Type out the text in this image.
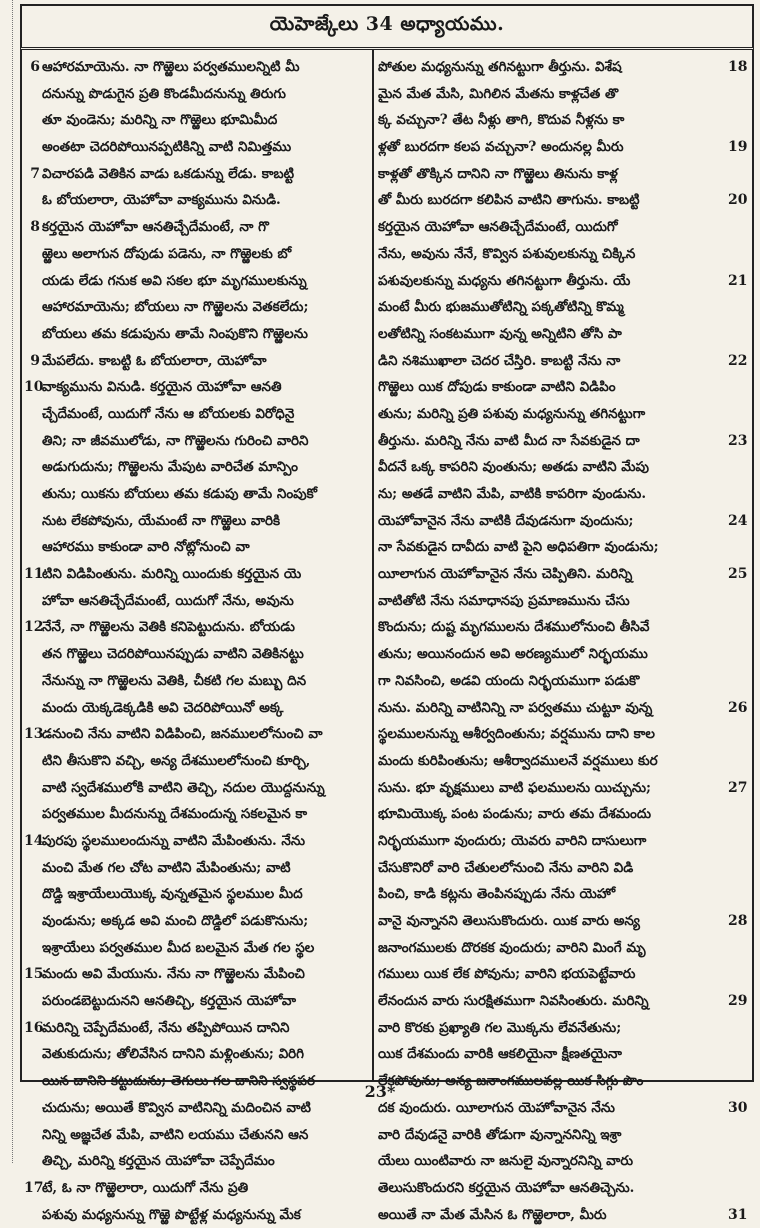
యెహెజ్కేలు 34 అధ్యాయము.
ఆహారమాయెను. నా గొఱ్ఱెలు పర్వతములన్నిటి మీ
6
దనున్ను పొడుగైన ప్రతి కొండమీదనున్ను తిరుగు
తూ వుండెను; మరిన్ని నా గొఱ్ఱెలు భూమిమీద
అంతటా చెదరిపోయినప్పటికిన్ని వాటి నిమిత్తము
విచారపడి వెతికిన వాడు ఒకడున్ను లేడు. కాబట్టి
7
ఓ బోయలారా, యెహోవా వాక్యమును వినుడి.
కర్తయైన యెహోవా ఆనతిచ్చేదేమంటే, నా గొ
8
ఱ్ఱెలు అలాగున దోపుడు పడెను, నా గొఱ్ఱెలకు బో
యడు లేడు గనుక అవి సకల భూ మృగములకున్ను
ఆహారమాయెను; బోయలు నా గొఱ్ఱెలను వెతకలేదు;
బోయలు తమ కడుపును తామే నింపుకొని గొఱ్ఱెలను
మేపలేదు. కాబట్టి ఓ బోయలారా, యెహోవా
9
వాక్యమును వినుడి. కర్తయైన యెహోవా ఆనతి
10
చ్చేదేమంటే, యిదుగో నేను ఆ బోయలకు విరోధినై
తిని; నా జీవములోడు, నా గొఱ్ఱెలను గురించి వారిని
అడుగుదును; గొఱ్ఱెలను మేపుట వారిచేత మాన్పిం
తును; యికను బోయలు తమ కడుపు తామే నింపుకో
నుట లేకపోవును, యేమంటే నా గొఱ్ఱెలు వారికి
ఆహారము కాకుండా వారి నోట్లోనుంచి వా
టిని విడిపింతును. మరిన్ని యిందుకు కర్తయైన యె
11
హోవా ఆనతిచ్చేదేమంటే, యిదుగో నేను, అవును
నేనే, నా గొఱ్ఱెలను వెతికి కనిపెట్టుదును. బోయడు
12
తన గొఱ్ఱెలు చెదరిపోయినప్పుడు వాటిని వెతికినట్టు
నేనున్ను నా గొఱ్ఱెలను వెతికి, చీకటి గల మబ్బు దిన
మందు యెక్కడెక్కడికి అవి చెదరిపోయినో అక్క
డనుంచి నేను వాటిని విడిపించి, జనములలోనుంచి వా
13
టిని తీసుకొని వచ్చి, అన్య దేశములలోనుంచి కూర్చి,
వాటి స్వదేశములోకి వాటిని తెచ్చి, నదుల యొద్దనున్ను
పర్వతముల మీదనున్ను దేశమందున్న సకలమైన కా
పురపు స్థలములందున్ను వాటిని మేపింతును. నేను
14
మంచి మేత గల చోట వాటిని మేపింతును; వాటి
దొడ్డి ఇశ్రాయేలుయొక్క వున్నతమైన స్థలముల మీద
వుండును; అక్కడ అవి మంచి దొడ్డిలో పడుకొనును;
ఇశ్రాయేలు పర్వతముల మీద బలమైన మేత గల స్థల
మందు అవి మేయును. నేను నా గొఱ్ఱెలను మేపించి
15
పరుండబెట్టుదునని ఆనతిచ్చి, కర్తయైన యెహోవా
మరిన్ని చెప్పేదేమంటే, నేను తప్పిపోయిన దానిని
16
వెతుకుదును; తోలివేసిన దానిని మళ్లింతును; విరిగి
యిన దానిని కట్టుదును; తెగులు గల దానిని స్వస్థపర
చుదును; అయితే కొవ్విన వాటినిన్ని మదించిన వాటి
నిన్ని అజ్ఞచేత మేపి, వాటిని లయము చేతునని ఆన
తిచ్చి, మరిన్ని కర్తయైన యెహోవా చెప్పేదేమం
టే, ఓ నా గొఱ్ఱెలారా, యిదుగో నేను ప్రతి
17
పశువు మధ్యనున్ను గొఱ్ఱె పొట్టేళ్ల మధ్యనున్ను మేక
పోతుల మధ్యనున్ను తగినట్టుగా తీర్తును. విశేష	18
మైన మేత మేసి, మిగిలిన మేతను కాళ్లచేత తొ
క్క వచ్చునా? తేట నీళ్లు తాగి, కొదువ నీళ్లను కా
ళ్లతో బురదగా కలప వచ్చునా? అందునల్ల మీరు	19
కాళ్లతో తొక్కిన దానిని నా గొఱ్ఱెలు తినును కాళ్ల
తో మీరు బురదగా కలిపిన వాటిని తాగును. కాబట్టి	20
కర్తయైన యెహోవా ఆనతిచ్చేదేమంటే, యిదుగో
నేను, అవును నేనే, కొవ్విన పశువులకున్ను చిక్కిన
పశువులకున్ను మధ్యను తగినట్టుగా తీర్తును. యే	21
మంటే మీరు భుజముతోటిన్ని పక్కతోటిన్ని కొమ్మ
లతోటిన్ని సంకటముగా వున్న అన్నిటిని తోసి పా
డిని నశిముఖాలా చెదర చేస్తిరి. కాబట్టి నేను నా	22
గొఱ్ఱెలు యిక దోపుడు కాకుండా వాటిని విడిపిం
తును; మరిన్ని ప్రతి పశువు మధ్యనున్ను తగినట్టుగా
తీర్తును. మరిన్ని నేను వాటి మీద నా సేవకుడైన దా	23
వీదనే ఒక్క కాపరిని వుంతును; అతడు వాటిని మేపు
ను; అతడే వాటిని మేపి, వాటికి కాపరిగా వుండును.
యెహోవానైన నేను వాటికి దేవుడనుగా వుందును;	24
నా సేవకుడైన దావీదు వాటి పైని అధిపతిగా వుండును;
యీలాగున యెహోవానైన నేను చెప్పితిని. మరిన్ని	25
వాటితోటి నేను సమాధానపు ప్రమాణమును చేసు
కొందును; దుష్ట మృగములను దేశములోనుంచి తీసివే
తును; అయినందున అవి అరణ్యములో నిర్భయము
గా నివసించి, అడవి యందు నిర్భయముగా పడుకొ
నును. మరిన్ని వాటినిన్ని నా పర్వతము చుట్టూ వున్న	26
స్థలములనున్ను ఆశీర్వదింతును; వర్షమును దాని కాల
మందు కురిపింతును; ఆశీర్వాదములనే వర్షములు కుర
సును. భూ వృక్షములు వాటి ఫలములను యిచ్చును;	27
భూమియొక్క పంట పండును; వారు తమ దేశమందు
నిర్భయముగా వుందురు; యెవరు వారిని దాసులుగా
చేసుకొనిరో వారి చేతులలోనుంచి నేను వారిని విడి
పించి, కాడి కట్లను తెంపినప్పుడు నేను యెహో
వానై వున్నానని తెలుసుకొందురు. యిక వారు అన్య	28
జనాంగములకు దొరకక వుందురు; వారిని మింగే మృ
గములు యిక లేక పోవును; వారిని భయపెట్టేవారు
లేనందున వారు సురక్షితముగా నివసింతురు. మరిన్ని	29
వారి కొరకు ప్రఖ్యాతి గల మొక్కను లేవనేతును;
యిక దేశమందు వారికి ఆకలియైనా క్షీణతయైనా
లేకపోవును; అన్య జనాంగములవల్ల యిక సిగ్గు పొం
దక వుందురు. యీలాగున యెహోవానైన నేను	30
వారి దేవుడనై వారికి తోడుగా వున్నాననిన్ని ఇశ్రా
యేలు యింటివారు నా జనులై వున్నారనిన్ని వారు
తెలుసుకొందురని కర్తయైన యెహోవా ఆనతిచ్చెను.
అయితే నా మేత మేసిన ఓ గొఱ్ఱెలారా, మీరు	31
23*
